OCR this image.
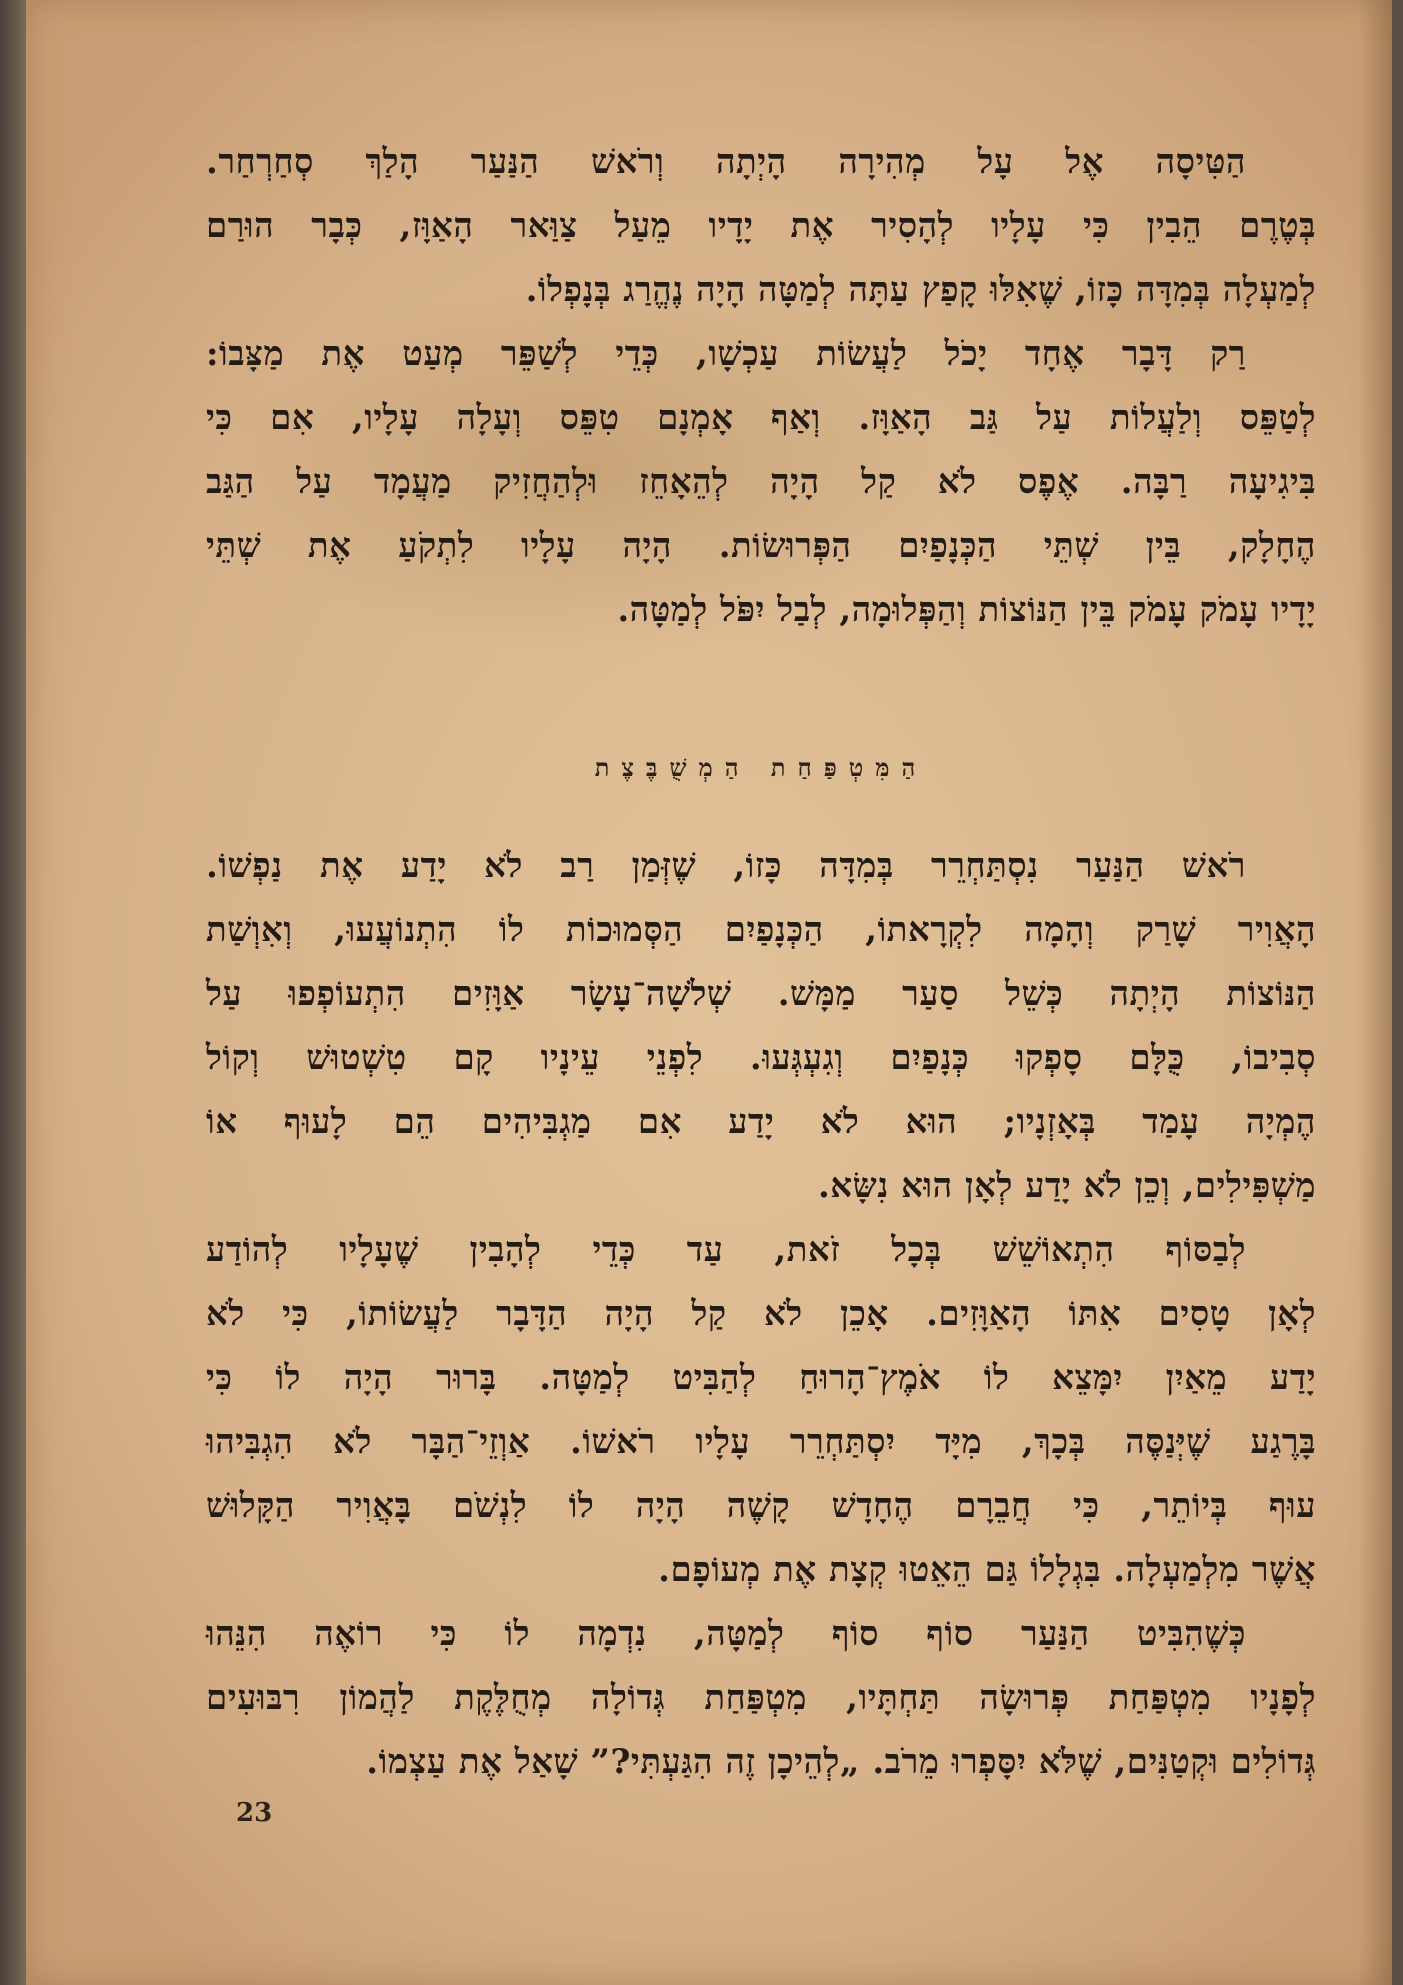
הַטִּיסָה אֶל עָל מְהִירָה הָיְתָה וְרֹאשׁ הַנַּעַר הָלַךְ סְחַרְחַר.
בְּטֶרֶם הֵבִין כִּי עָלָיו לְהָסִיר אֶת יָדָיו מֵעַל צַוַּאר הָאַוָּז, כְּבָר הוּרַם
לְמַעְלָה בְּמִדָּה כָּזוֹ, שֶׁאִלּוּ קָפַץ עַתָּה לְמַטָּה הָיָה נֶהֱרַג בְּנָפְלוֹ.
רַק דָּבָר אֶחָד יָכֹל לַעֲשׂוֹת עַכְשָׁו, כְּדֵי לְשַׁפֵּר מְעַט אֶת מַצָּבוֹ:
לְטַפֵּס וְלַעֲלוֹת עַל גַּב הָאַוָּז. וְאַף אָמְנָם טִפֵּס וְעָלָה עָלָיו, אִם כִּי
בִּיגִיעָה רַבָּה. אֶפֶס לֹא קַל הָיָה לְהֵאָחֵז וּלְהַחֲזִיק מַעֲמָד עַל הַגַּב
הֶחָלָק, בֵּין שְׁתֵּי הַכְּנָפַיִם הַפְּרוּשׂוֹת. הָיָה עָלָיו לִתְקֹעַ אֶת שְׁתֵּי
יָדָיו עָמֹק עָמֹק בֵּין הַנּוֹצוֹת וְהַפְּלוּמָה, לְבַל יִפֹּל לְמַטָּה.
הַמִּטְפַּחַת הַמְשֻׁבֶּצֶת
רֹאשׁ הַנַּעַר נִסְתַּחְרֵר בְּמִדָּה כָּזוֹ, שֶׁזְּמַן רַב לֹא יָדַע אֶת נַפְשׁוֹ.
הָאֲוִיר שָׁרַק וְהָמָה לִקְרָאתוֹ, הַכְּנָפַיִם הַסְּמוּכוֹת לוֹ הִתְנוֹעֲעוּ, וְאִוְשַׁת
הַנּוֹצוֹת הָיְתָה כְּשֵׁל סַעַר מַמָּשׁ. שְׁלֹשָׁה־עָשָׂר אַוָּזִים הִתְעוֹפְפוּ עַל
סְבִיבוֹ, כֻּלָּם סָפְקוּ כְּנָפַיִם וְגִעְגְּעוּ. לִפְנֵי עֵינָיו קָם טִשְׁטוּשׁ וְקוֹל
הֶמְיָה עָמַד בְּאָזְנָיו; הוּא לֹא יָדַע אִם מַגְבִּיהִים הֵם לָעוּף אוֹ
מַשְׁפִּילִים, וְכֵן לֹא יָדַע לְאָן הוּא נִשָּׂא.
לְבַסּוֹף הִתְאוֹשֵׁשׁ בְּכָל זֹאת, עַד כְּדֵי לְהָבִין שֶׁעָלָיו לְהוֹדַע
לְאָן טָסִים אִתּוֹ הָאַוָּזִים. אָכֵן לֹא קַל הָיָה הַדָּבָר לַעֲשׂוֹתוֹ, כִּי לֹא
יָדַע מֵאַיִן יִמָּצֵא לוֹ אֹמֶץ־הָרוּחַ לְהַבִּיט לְמַטָּה. בָּרוּר הָיָה לוֹ כִּי
בָּרֶגַע שֶׁיְּנַסֶּה בְּכָךְ, מִיָּד יִסְתַּחְרֵר עָלָיו רֹאשׁוֹ. אַוְזֵי־הַבָּר לֹא הִגְבִּיהוּ
עוּף בְּיוֹתֵר, כִּי חֲבֵרָם הֶחָדָשׁ קָשֶׁה הָיָה לוֹ לִנְשֹׁם בָּאֲוִיר הַקָּלוּשׁ
אֲשֶׁר מִלְמַעְלָה. בִּגְלָלוֹ גַּם הֵאֵטוּ קְצָת אֶת מְעוֹפָם.
כְּשֶׁהִבִּיט הַנַּעַר סוֹף סוֹף לְמַטָּה, נִדְמָה לוֹ כִּי רוֹאֶה הִנֵּהוּ
לְפָנָיו מִטְפַּחַת פְּרוּשָׂה תַּחְתָּיו, מִטְפַּחַת גְּדוֹלָה מְחֻלֶּקֶת לַהֲמוֹן רִבּוּעִים
גְּדוֹלִים וּקְטַנִּים, שֶׁלֹּא יִסָּפְרוּ מֵרֹב. „לְהֵיכָן זֶה הִגַּעְתִּי?” שָׁאַל אֶת עַצְמוֹ.
23
